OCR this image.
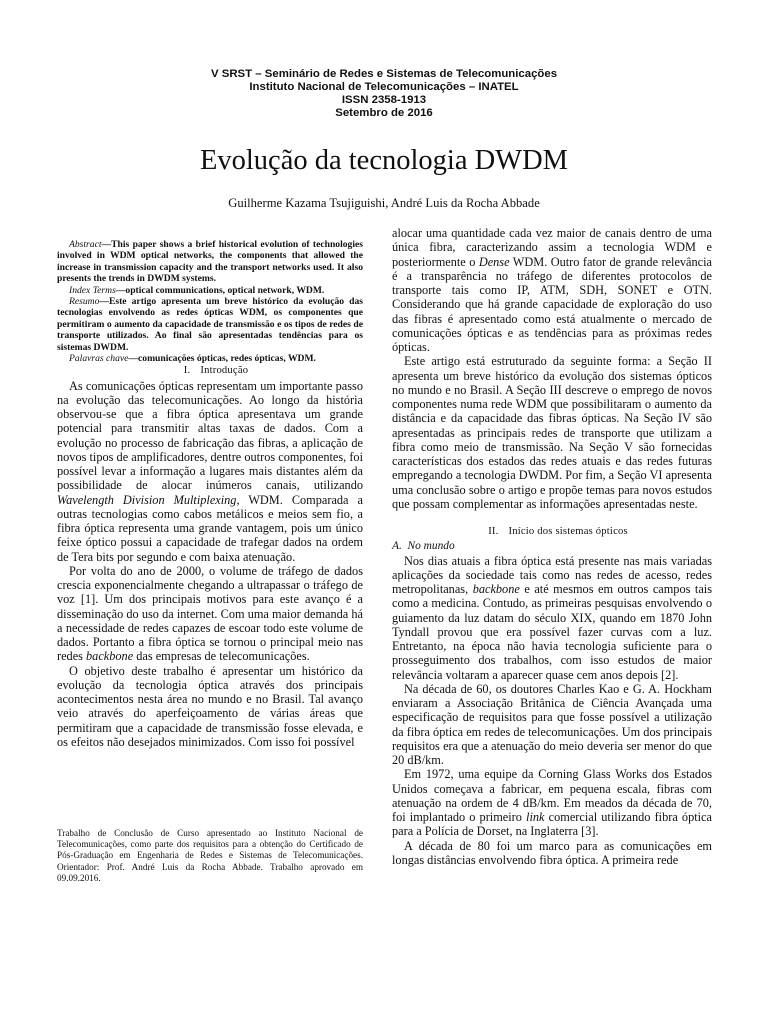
V SRST – Seminário de Redes e Sistemas de Telecomunicações
Instituto Nacional de Telecomunicações – INATEL
ISSN 2358-1913
Setembro de 2016
Evolução da tecnologia DWDM
Guilherme Kazama Tsujiguishi, André Luis da Rocha Abbade

Abstract—This paper shows a brief historical evolution of technologies involved in WDM optical networks, the components that allowed the increase in transmission capacity and the transport networks used. It also presents the trends in DWDM systems.

Index Terms—optical communications, optical network, WDM.

Resumo—Este artigo apresenta um breve histórico da evolução das tecnologias envolvendo as redes ópticas WDM, os componentes que permitiram o aumento da capacidade de transmissão e os tipos de redes de transporte utilizados. Ao final são apresentadas tendências para os sistemas DWDM.

Palavras chave—comunicações ópticas, redes ópticas, WDM.

I. Introdução

As comunicações ópticas representam um importante passo na evolução das telecomunicações. Ao longo da história observou-se que a fibra óptica apresentava um grande potencial para transmitir altas taxas de dados. Com a evolução no processo de fabricação das fibras, a aplicação de novos tipos de amplificadores, dentre outros componentes, foi possível levar a informação a lugares mais distantes além da possibilidade de alocar inúmeros canais, utilizando Wavelength Division Multiplexing, WDM. Comparada a outras tecnologias como cabos metálicos e meios sem fio, a fibra óptica representa uma grande vantagem, pois um único feixe óptico possui a capacidade de trafegar dados na ordem de Tera bits por segundo e com baixa atenuação.

Por volta do ano de 2000, o volume de tráfego de dados crescia exponencialmente chegando a ultrapassar o tráfego de voz [1]. Um dos principais motivos para este avanço é a disseminação do uso da internet. Com uma maior demanda há a necessidade de redes capazes de escoar todo este volume de dados. Portanto a fibra óptica se tornou o principal meio nas redes backbone das empresas de telecomunicações.

O objetivo deste trabalho é apresentar um histórico da evolução da tecnologia óptica através dos principais acontecimentos nesta área no mundo e no Brasil. Tal avanço veio através do aperfeiçoamento de várias áreas que permitiram que a capacidade de transmissão fosse elevada, e os efeitos não desejados minimizados. Com isso foi possível

Trabalho de Conclusão de Curso apresentado ao Instituto Nacional de Telecomunicações, como parte dos requisitos para a obtenção do Certificado de Pós-Graduação em Engenharia de Redes e Sistemas de Telecomunicações. Orientador: Prof. André Luis da Rocha Abbade. Trabalho aprovado em 09.09.2016.

alocar uma quantidade cada vez maior de canais dentro de uma única fibra, caracterizando assim a tecnologia WDM e posteriormente o Dense WDM. Outro fator de grande relevância é a transparência no tráfego de diferentes protocolos de transporte tais como IP, ATM, SDH, SONET e OTN. Considerando que há grande capacidade de exploração do uso das fibras é apresentado como está atualmente o mercado de comunicações ópticas e as tendências para as próximas redes ópticas.

Este artigo está estruturado da seguinte forma: a Seção II apresenta um breve histórico da evolução dos sistemas ópticos no mundo e no Brasil. A Seção III descreve o emprego de novos componentes numa rede WDM que possibilitaram o aumento da distância e da capacidade das fibras ópticas. Na Seção IV são apresentadas as principais redes de transporte que utilizam a fibra como meio de transmissão. Na Seção V são fornecidas características dos estados das redes atuais e das redes futuras empregando a tecnologia DWDM. Por fim, a Seção VI apresenta uma conclusão sobre o artigo e propõe temas para novos estudos que possam complementar as informações apresentadas neste.

II. Início dos sistemas ópticos

A. No mundo

Nos dias atuais a fibra óptica está presente nas mais variadas aplicações da sociedade tais como nas redes de acesso, redes metropolitanas, backbone e até mesmos em outros campos tais como a medicina. Contudo, as primeiras pesquisas envolvendo o guiamento da luz datam do século XIX, quando em 1870 John Tyndall provou que era possível fazer curvas com a luz. Entretanto, na época não havia tecnologia suficiente para o prosseguimento dos trabalhos, com isso estudos de maior relevância voltaram a aparecer quase cem anos depois [2].

Na década de 60, os doutores Charles Kao e G. A. Hockham enviaram a Associação Britânica de Ciência Avançada uma especificação de requisitos para que fosse possível a utilização da fibra óptica em redes de telecomunicações. Um dos principais requisitos era que a atenuação do meio deveria ser menor do que 20 dB/km.

Em 1972, uma equipe da Corning Glass Works dos Estados Unidos começava a fabricar, em pequena escala, fibras com atenuação na ordem de 4 dB/km. Em meados da década de 70, foi implantado o primeiro link comercial utilizando fibra óptica para a Polícia de Dorset, na Inglaterra [3].

A década de 80 foi um marco para as comunicações em longas distâncias envolvendo fibra óptica. A primeira rede
